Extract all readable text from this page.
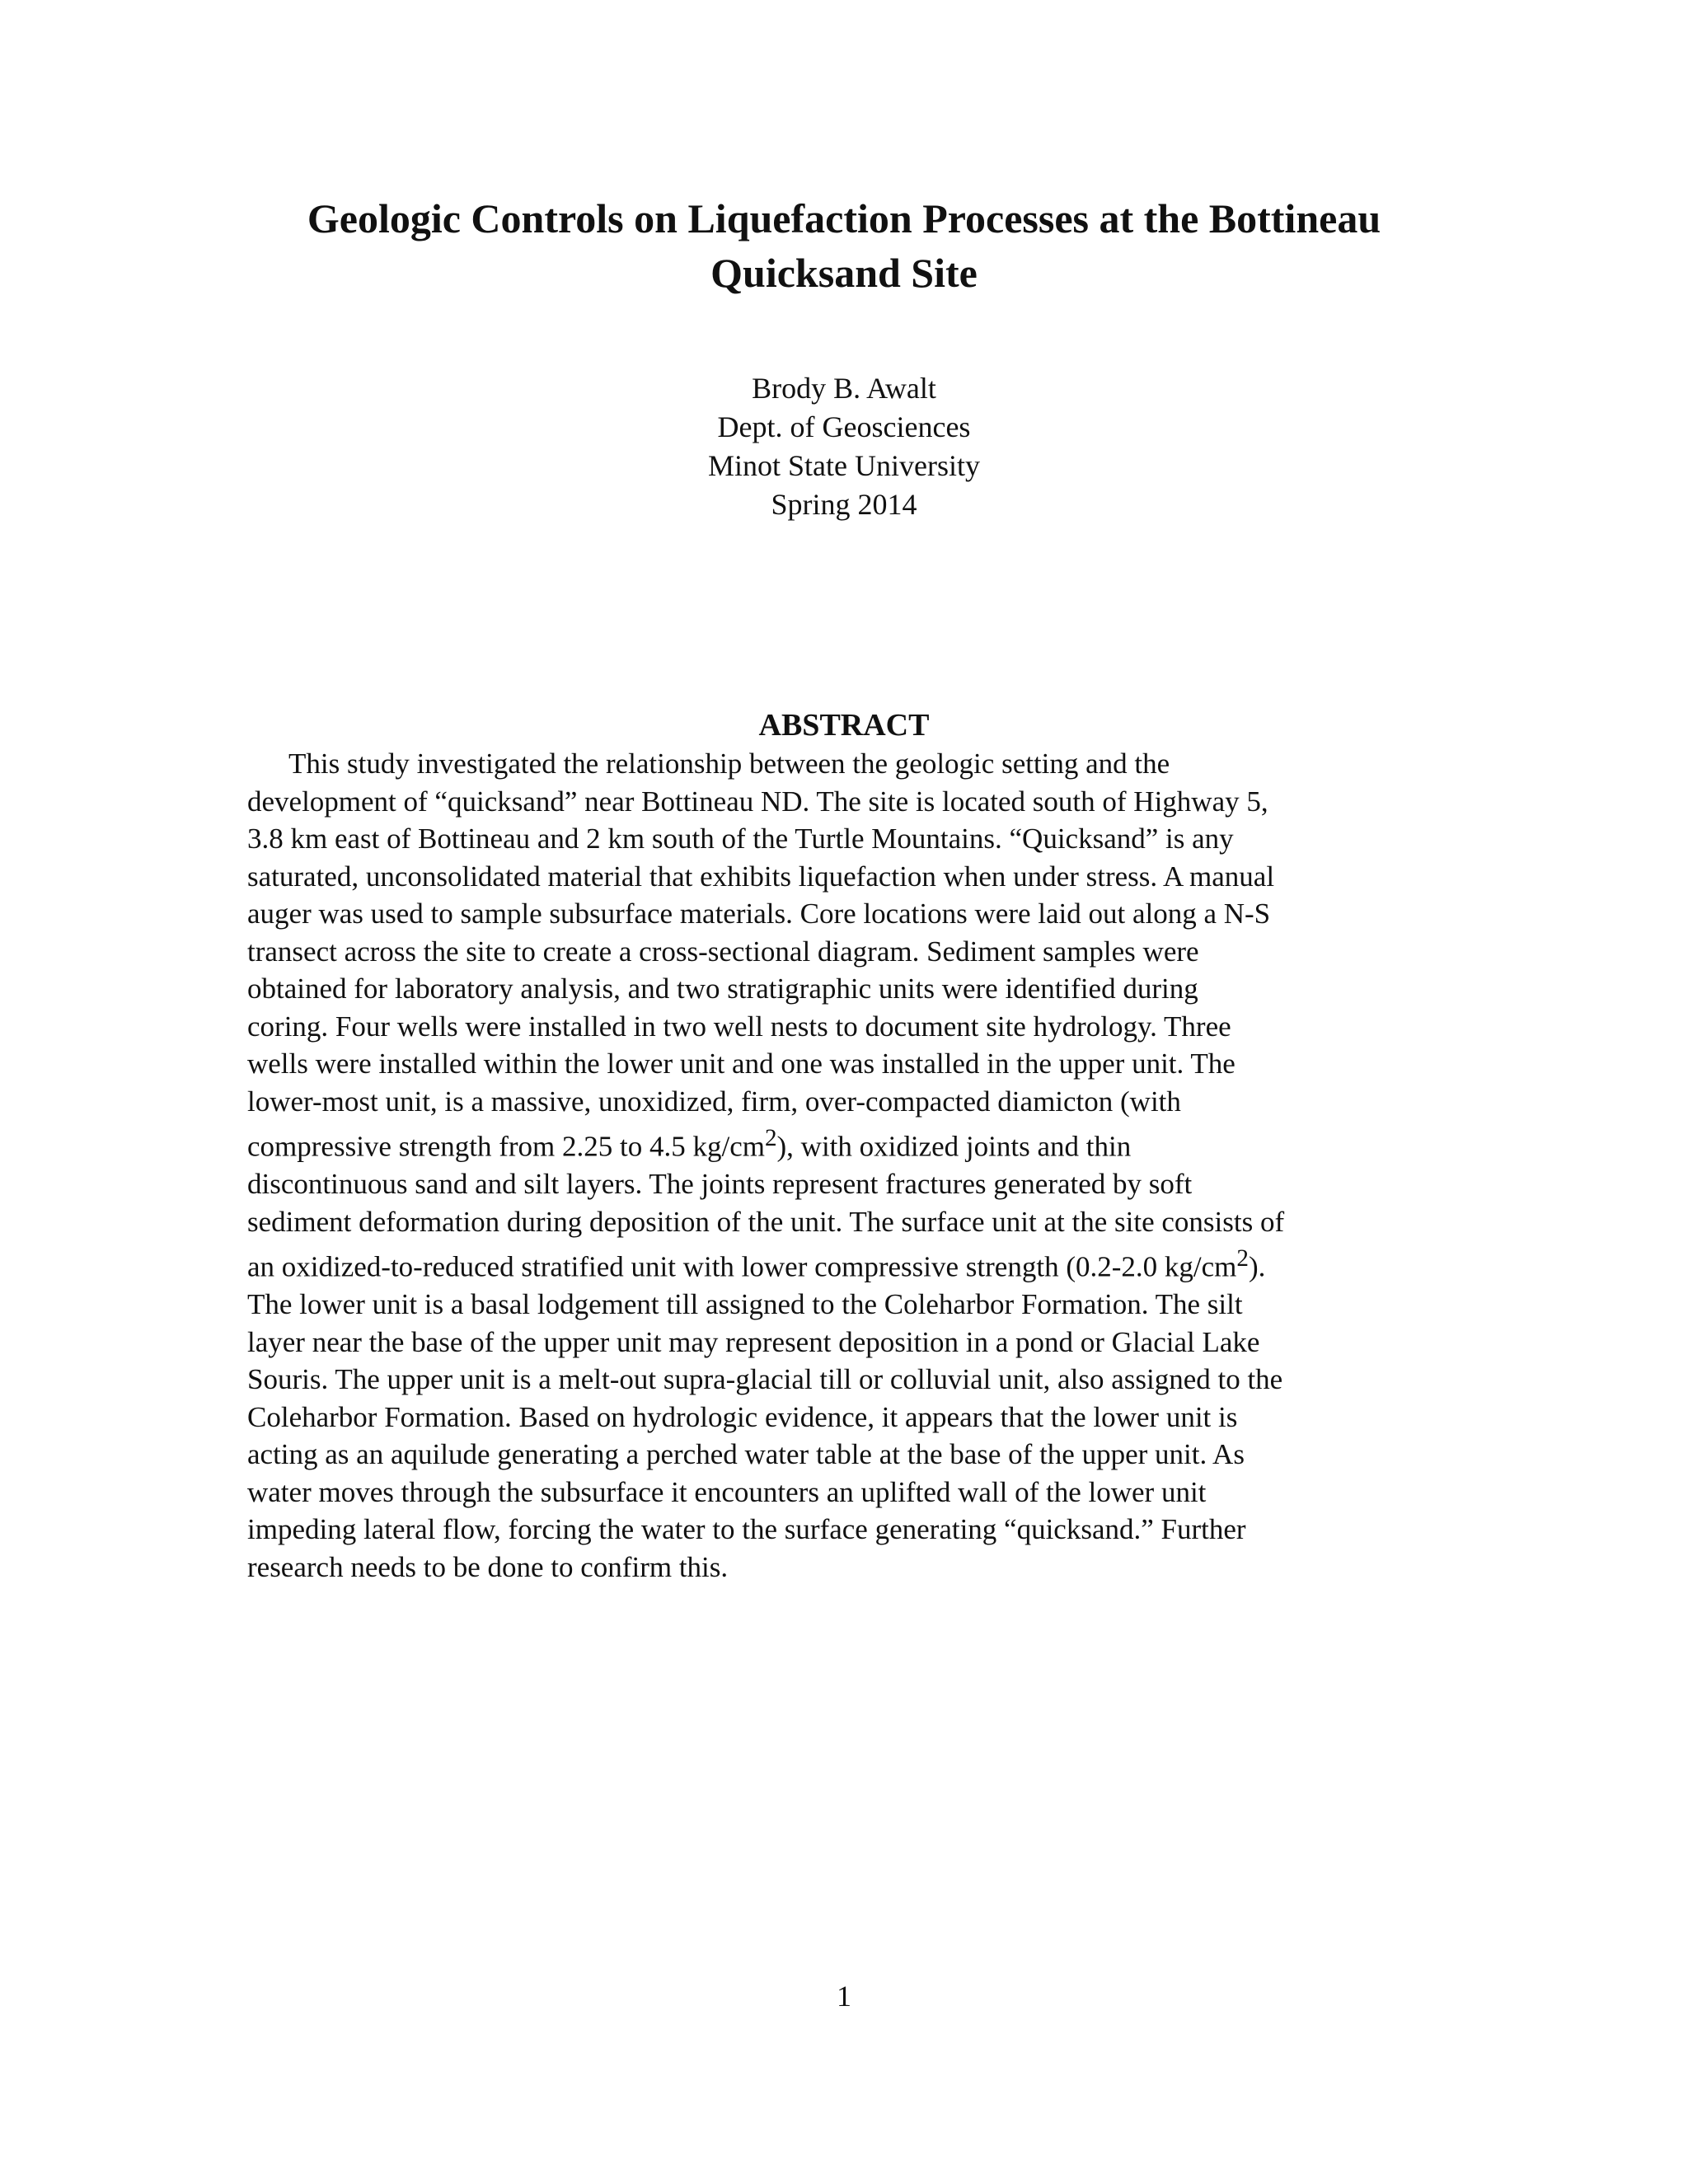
Geologic Controls on Liquefaction Processes at the Bottineau
Quicksand Site
Brody B. Awalt
Dept. of Geosciences
Minot State University
Spring 2014
ABSTRACT
This study investigated the relationship between the geologic setting and the
development of “quicksand” near Bottineau ND. The site is located south of Highway 5,
3.8 km east of Bottineau and 2 km south of the Turtle Mountains. “Quicksand” is any
saturated, unconsolidated material that exhibits liquefaction when under stress. A manual
auger was used to sample subsurface materials. Core locations were laid out along a N-S
transect across the site to create a cross-sectional diagram. Sediment samples were
obtained for laboratory analysis, and two stratigraphic units were identified during
coring. Four wells were installed in two well nests to document site hydrology. Three
wells were installed within the lower unit and one was installed in the upper unit. The
lower-most unit, is a massive, unoxidized, firm, over-compacted diamicton (with
compressive strength from 2.25 to 4.5 $kg/cm^2$), with oxidized joints and thin
discontinuous sand and silt layers. The joints represent fractures generated by soft
sediment deformation during deposition of the unit. The surface unit at the site consists of
an oxidized-to-reduced stratified unit with lower compressive strength (0.2-2.0 $kg/cm^2$).
The lower unit is a basal lodgement till assigned to the Coleharbor Formation. The silt
layer near the base of the upper unit may represent deposition in a pond or Glacial Lake
Souris. The upper unit is a melt-out supra-glacial till or colluvial unit, also assigned to the
Coleharbor Formation. Based on hydrologic evidence, it appears that the lower unit is
acting as an aquilude generating a perched water table at the base of the upper unit. As
water moves through the subsurface it encounters an uplifted wall of the lower unit
impeding lateral flow, forcing the water to the surface generating “quicksand.” Further
research needs to be done to confirm this.
1
